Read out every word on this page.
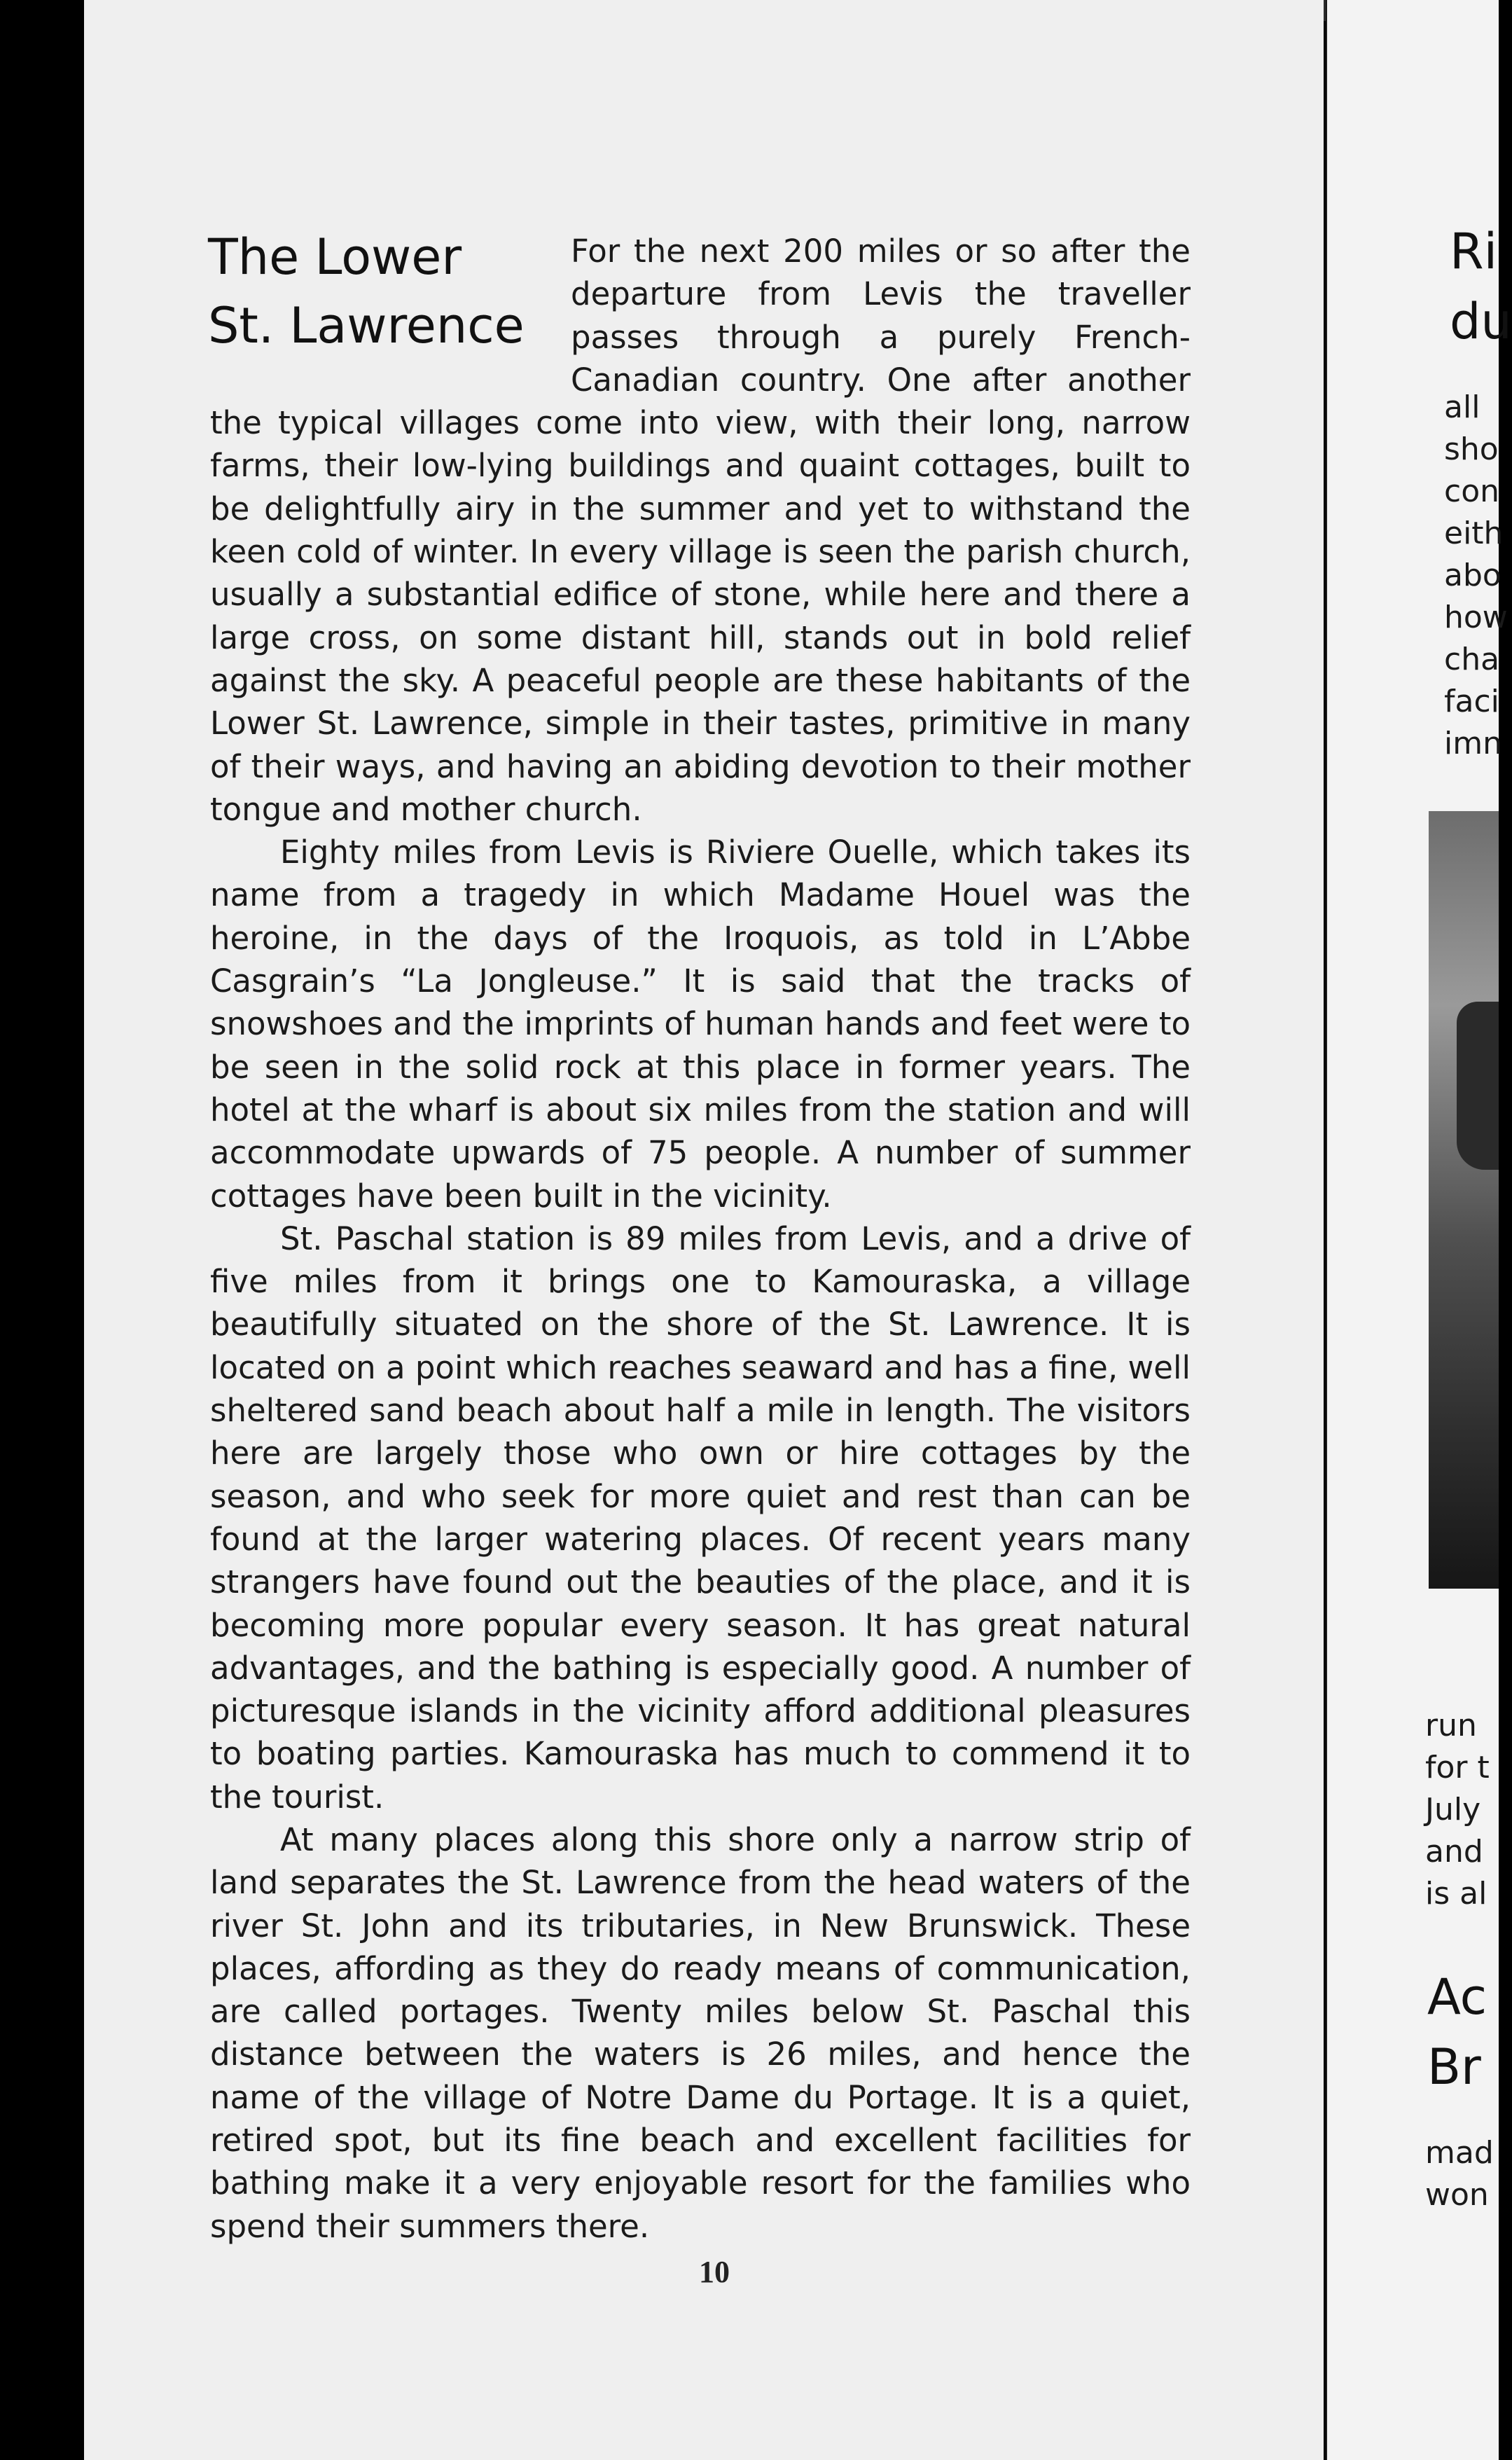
The Lower
St. Lawrence

For the next 200 miles or so after the departure from Levis the traveller passes through a purely French-Canadian country. One after another the typical villages come into view, with their long, narrow farms, their low-lying buildings and quaint cottages, built to be delightfully airy in the summer and yet to withstand the keen cold of winter. In every village is seen the parish church, usually a substantial edifice of stone, while here and there a large cross, on some distant hill, stands out in bold relief against the sky. A peaceful people are these habitants of the Lower St. Lawrence, simple in their tastes, primitive in many of their ways, and having an abiding devotion to their mother tongue and mother church.

Eighty miles from Levis is Riviere Ouelle, which takes its name from a tragedy in which Madame Houel was the heroine, in the days of the Iroquois, as told in L’Abbe Casgrain’s “La Jongleuse.” It is said that the tracks of snowshoes and the imprints of human hands and feet were to be seen in the solid rock at this place in former years. The hotel at the wharf is about six miles from the station and will accommodate upwards of 75 people. A number of summer cottages have been built in the vicinity.

St. Paschal station is 89 miles from Levis, and a drive of five miles from it brings one to Kamouraska, a village beautifully situated on the shore of the St. Lawrence. It is located on a point which reaches seaward and has a fine, well sheltered sand beach about half a mile in length. The visitors here are largely those who own or hire cottages by the season, and who seek for more quiet and rest than can be found at the larger watering places. Of recent years many strangers have found out the beauties of the place, and it is becoming more popular every season. It has great natural advantages, and the bathing is especially good. A number of picturesque islands in the vicinity afford additional pleasures to boating parties. Kamouraska has much to commend it to the tourist.

At many places along this shore only a narrow strip of land separates the St. Lawrence from the head waters of the river St. John and its tributaries, in New Brunswick. These places, affording as they do ready means of communication, are called portages. Twenty miles below St. Paschal this distance between the waters is 26 miles, and hence the name of the village of Notre Dame du Portage. It is a quiet, retired spot, but its fine beach and excellent facilities for bathing make it a very enjoyable resort for the families who spend their summers there.

10
Ri
du
all
sho
con
eith
abo
how
cha
faci
imn
run
for t
July
and
is al
Ac
Br
mad
won
